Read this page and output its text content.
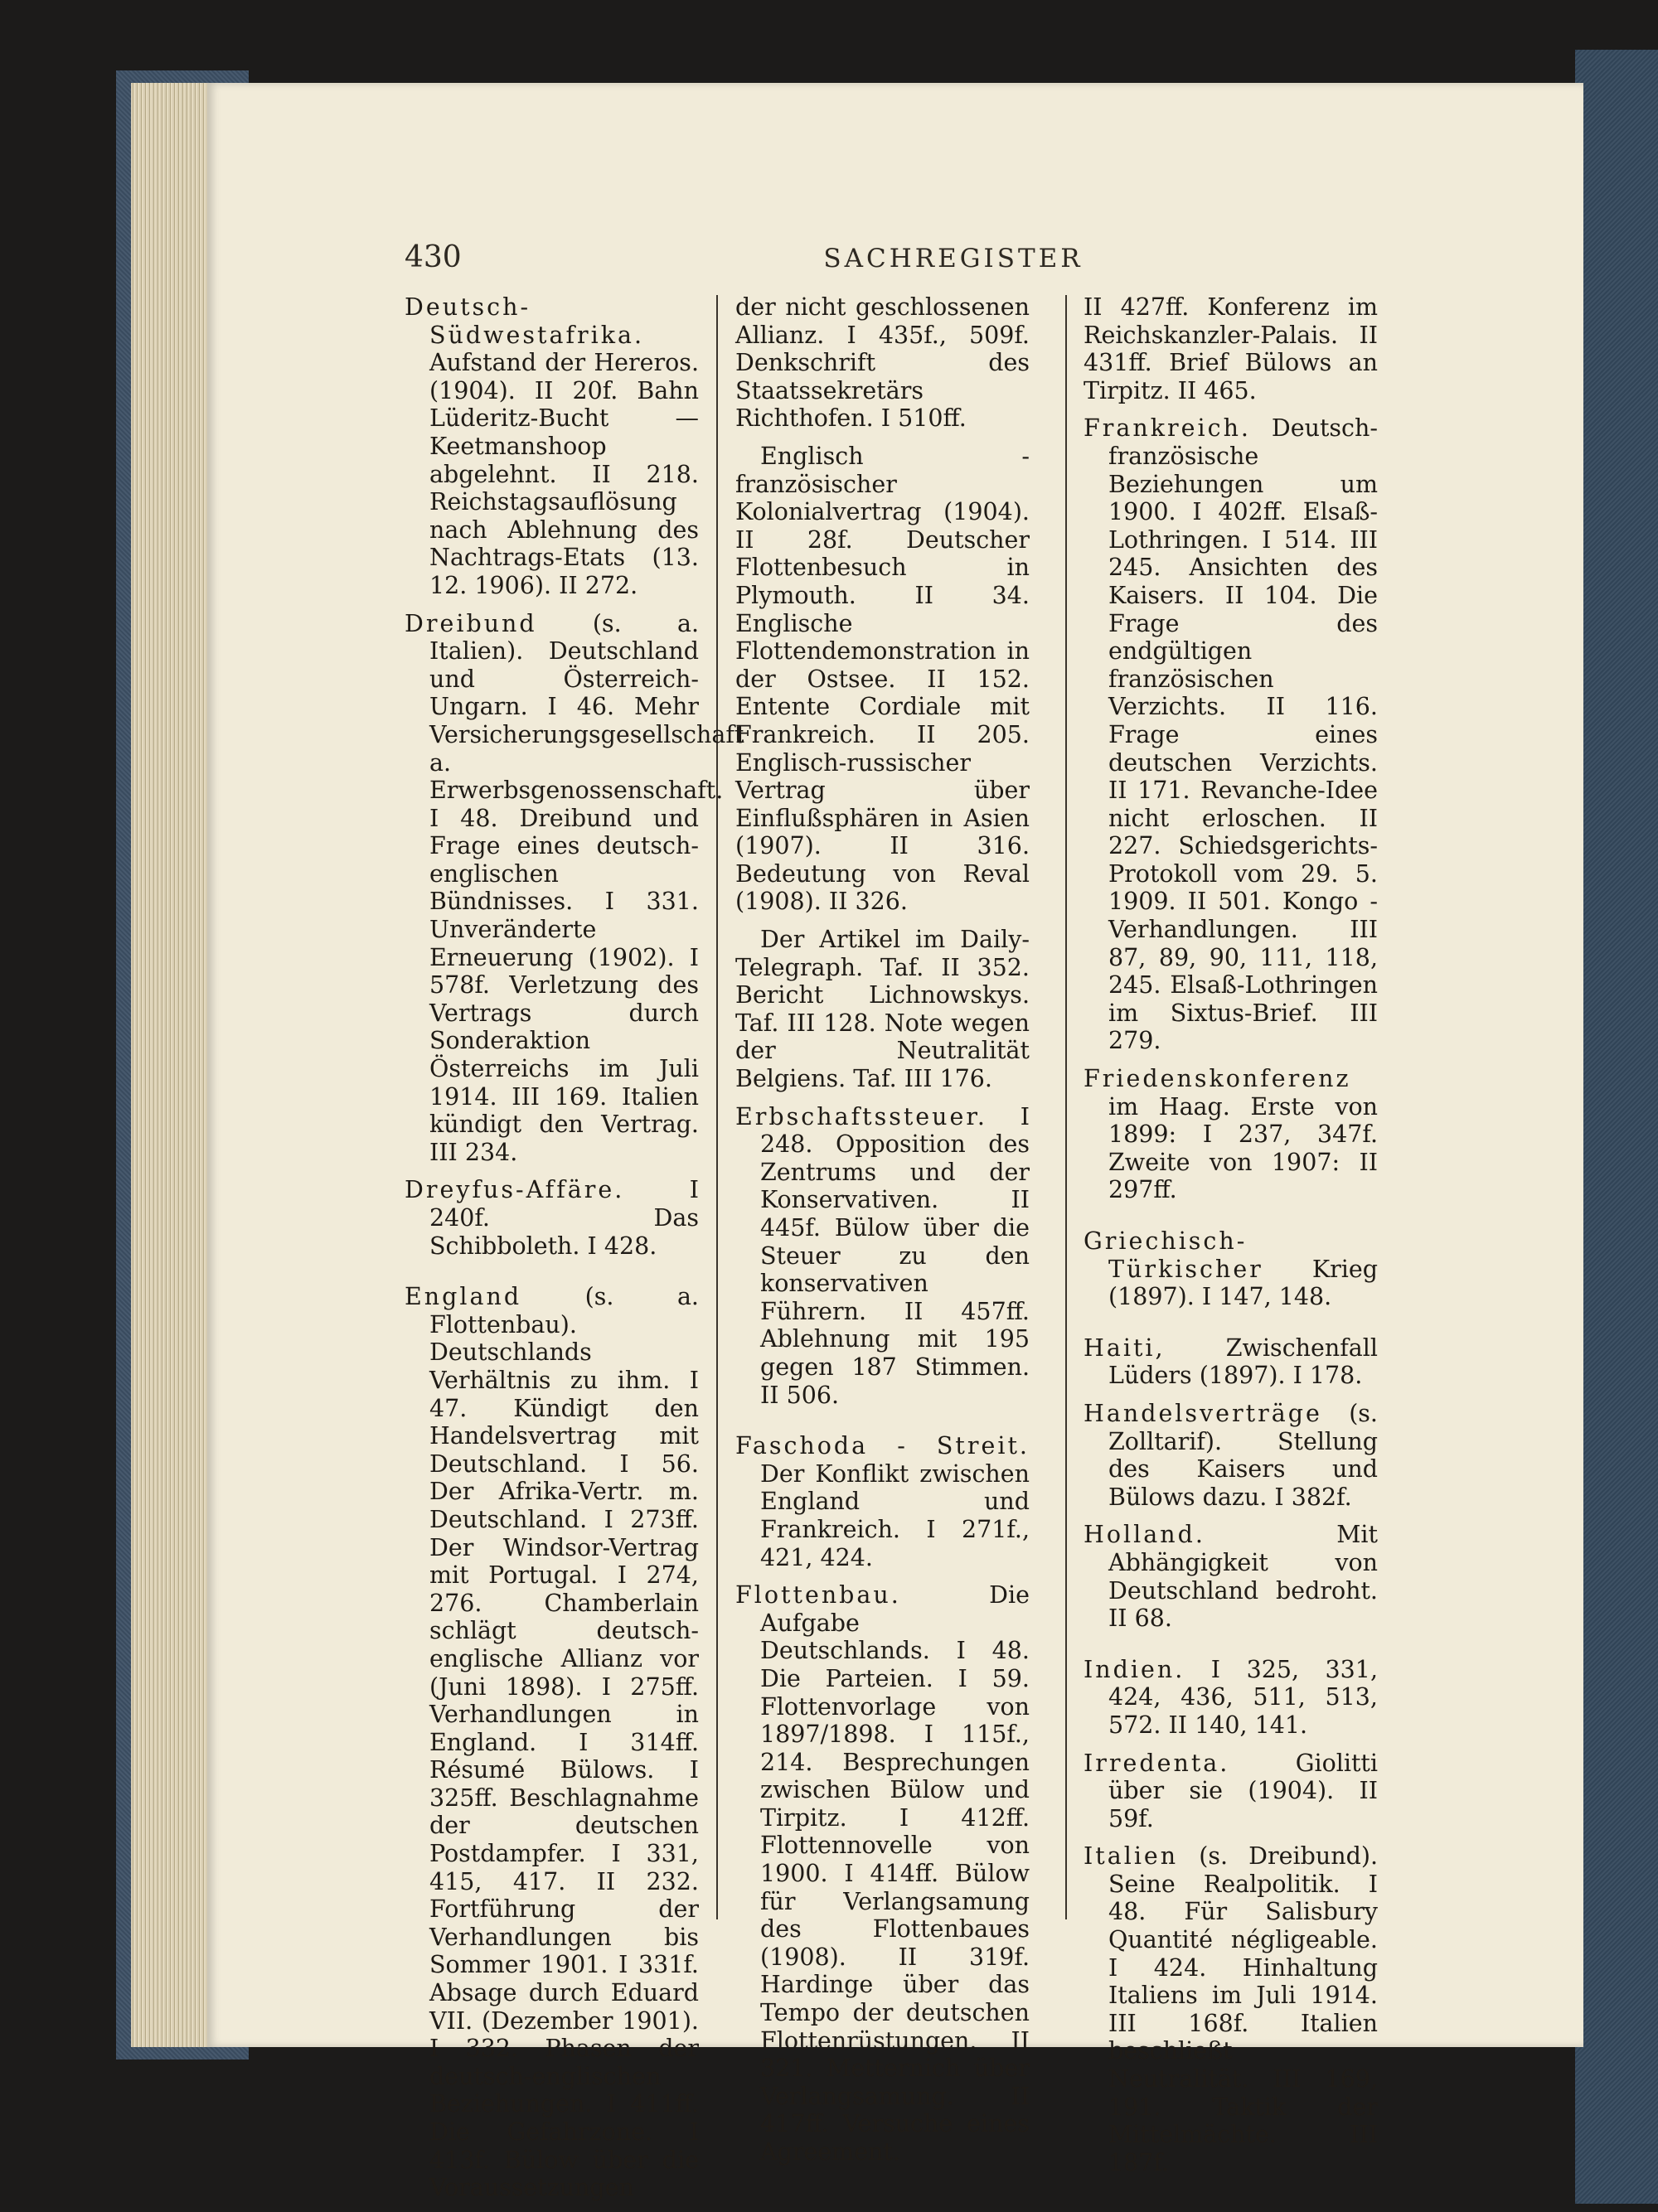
430	SACHREGISTER

Deutsch-Südwestafrika. Aufstand der Hereros. (1904). II 20f. Bahn Lüderitz-Bucht — Keetmanshoop abgelehnt. II 218. Reichstagsauflösung nach Ablehnung des Nachtrags-Etats (13. 12. 1906). II 272.

Dreibund (s. a. Italien). Deutschland und Österreich-Ungarn. I 46. Mehr Versicherungsgesellschaft a. Erwerbsgenossenschaft. I 48. Dreibund und Frage eines deutsch-englischen Bündnisses. I 331. Unveränderte Erneuerung (1902). I 578f. Verletzung des Vertrags durch Sonderaktion Österreichs im Juli 1914. III 169. Italien kündigt den Vertrag. III 234.

Dreyfus-Affäre.	I 240f. Das Schibboleth. I 428.

England	(s. a. Flottenbau). Deutschlands Verhältnis zu ihm. I 47. Kündigt den Handelsvertrag mit Deutschland. I 56. Der Afrika-Vertr. m. Deutschland. I 273ff. Der Windsor-Vertrag mit Portugal. I 274, 276. Chamberlain schlägt deutsch-englische Allianz vor (Juni 1898). I 275ff. Verhandlungen in England. I 314ff. Résumé Bülows. I 325ff. Beschlagnahme der deutschen Postdampfer. I 331, 415, 417. II 232. Fortführung der Verhandlungen bis Sommer 1901. I 331f. Absage durch Eduard VII. (Dezember 1901). I 332. Phasen der deutsch-englischen Beziehungen. I 411ff. Die Gefahrzone. I 413f. Bülow über die Voraussetzungen

der nicht geschlossenen Allianz. I 435f., 509f. Denkschrift des Staatssekretärs Richthofen. I 510ff.

Englisch - französischer Kolonialvertrag (1904). II 28f. Deutscher Flottenbesuch in Plymouth. II 34. Englische Flottendemonstration in der Ostsee. II 152. Entente Cordiale mit Frankreich. II 205. Englisch-russischer Vertrag über Einflußsphären in Asien (1907). II 316. Bedeutung von Reval (1908). II 326.

Der Artikel im Daily-Telegraph. Taf. II 352. Bericht Lichnowskys. Taf. III 128. Note wegen der Neutralität Belgiens. Taf. III 176.

Erbschaftssteuer. I 248. Opposition des Zentrums und der Konservativen. II 445f. Bülow über die Steuer zu den konservativen Führern. II 457ff. Ablehnung mit 195 gegen 187 Stimmen. II 506.

Faschoda - Streit. Der Konflikt zwischen England und Frankreich. I 271f., 421, 424.

Flottenbau.	Die Aufgabe Deutschlands. I 48. Die Parteien. I 59. Flottenvorlage von 1897/1898. I 115f., 214. Besprechungen zwischen Bülow und Tirpitz. I 412ff. Flottennovelle von 1900. I 414ff. Bülow für Verlangsamung des Flottenbaues (1908). II 319f. Hardinge über das Tempo der deutschen Flottenrüstungen. II 321. Metternich über Verlangsamung. II 417ff. Versuche eines Agreement.

II 427ff. Konferenz im Reichskanzler-Palais. II 431ff. Brief Bülows an Tirpitz. II 465.

Frankreich. Deutsch-französische Beziehungen um 1900. I 402ff. Elsaß-Lothringen. I 514. III 245. Ansichten des Kaisers. II 104. Die Frage des endgültigen französischen Verzichts. II 116. Frage eines deutschen Verzichts. II 171. Revanche-Idee nicht erloschen. II 227. Schiedsgerichts-Protokoll vom 29. 5. 1909. II 501. Kongo - Verhandlungen. III 87, 89, 90, 111, 118, 245. Elsaß-Lothringen im Sixtus-Brief. III 279.

Friedenskonferenz im Haag. Erste von 1899: I 237, 347f. Zweite von 1907: II 297ff.

Griechisch-Türkischer Krieg (1897). I 147, 148.

Haiti,	Zwischenfall Lüders (1897). I 178.

Handelsverträge (s. Zolltarif). Stellung des Kaisers und Bülows dazu. I 382f.

Holland.	Mit Abhängigkeit von Deutschland bedroht. II 68.

Indien. I 325, 331, 424, 436, 511, 513, 572. II 140, 141.

Irredenta.	Giolitti über sie (1904). II 59f.

Italien (s. Dreibund). Seine Realpolitik. I 48. Für Salisbury Quantité négligeable. I 424. Hinhaltung Italiens im Juli 1914. III 168f. Italien beschließt Neutralität. III 169, 191. Taktik der Mittelmächte. III 187f.
